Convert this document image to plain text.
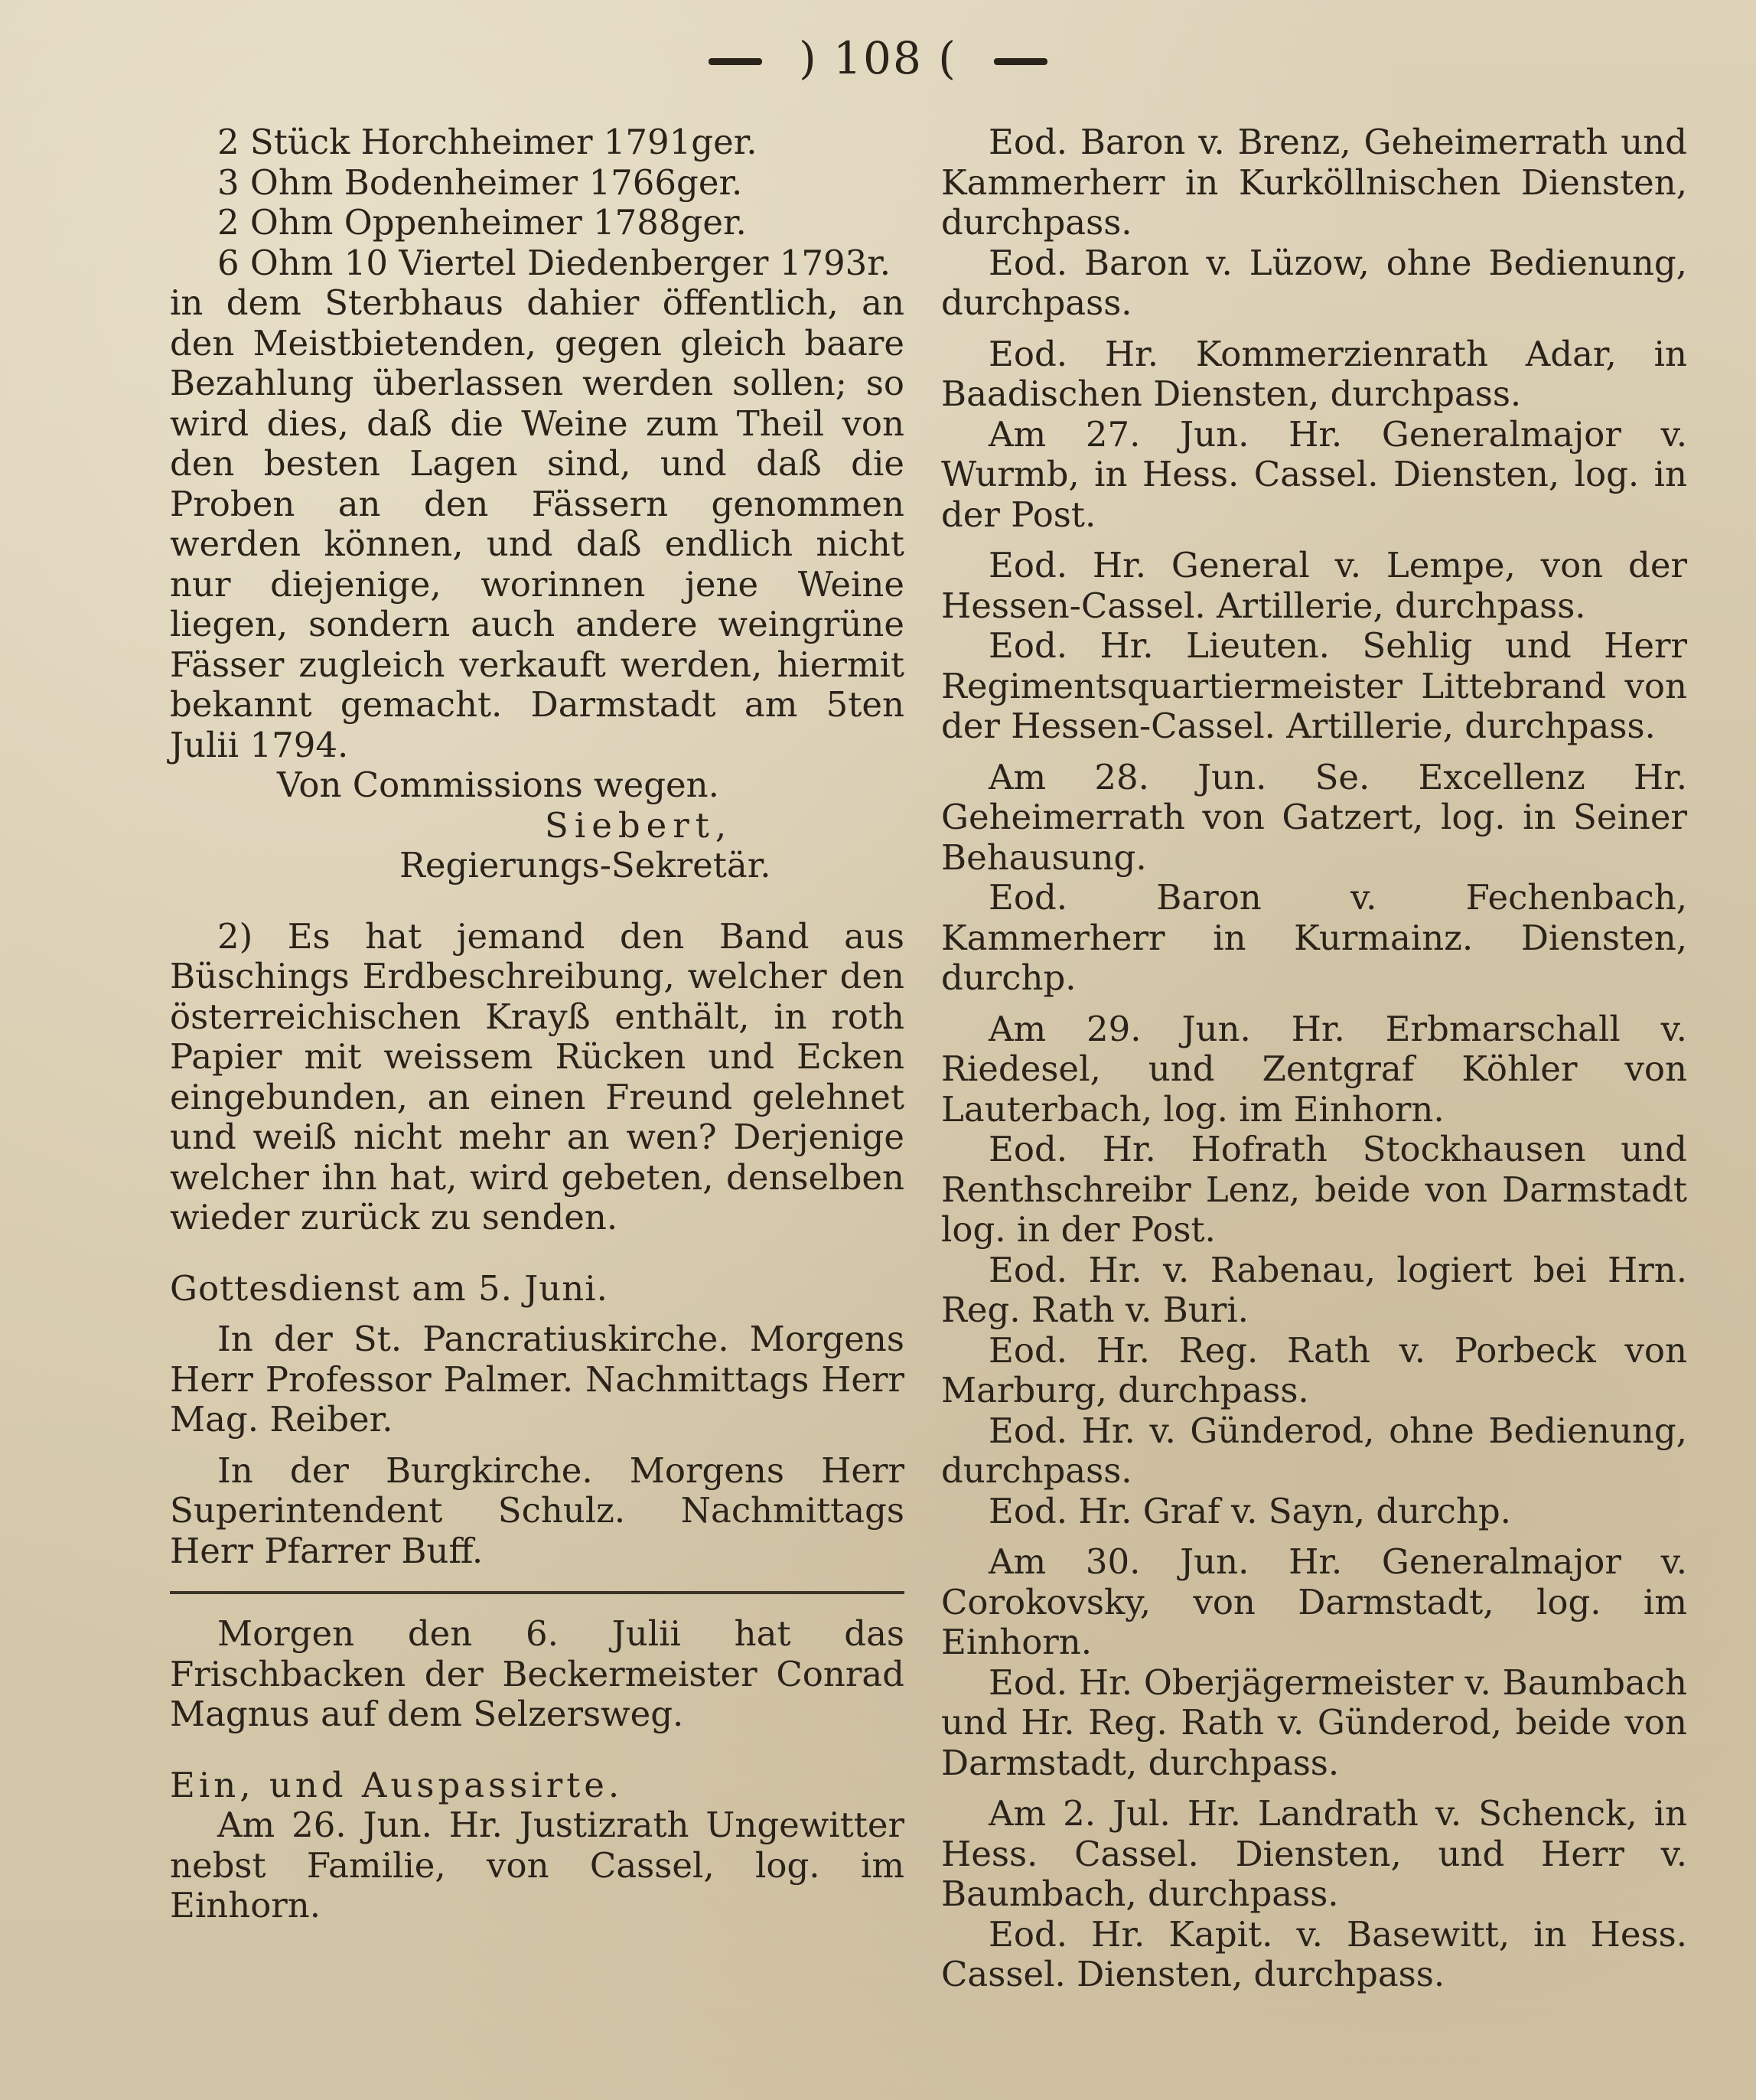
) 108 (
2 Stück Horchheimer 1791ger.
3 Ohm Bodenheimer 1766ger.
2 Ohm Oppenheimer 1788ger.
6 Ohm 10 Viertel Diedenberger 1793r.

in dem Sterbhaus dahier öffentlich, an den Meistbietenden, gegen gleich baare Bezahlung überlassen werden sollen; so wird dies, daß die Weine zum Theil von den besten Lagen sind, und daß die Proben an den Fässern genommen werden können, und daß endlich nicht nur diejenige, worinnen jene Weine liegen, sondern auch andere weingrüne Fässer zugleich verkauft werden, hiermit bekannt gemacht. Darmstadt am 5ten Julii 1794.

Von Commissions wegen.
Siebert,
Regierungs-Sekretär.

2) Es hat jemand den Band aus Büschings Erdbeschreibung, welcher den österreichischen Krayß enthält, in roth Papier mit weissem Rücken und Ecken eingebunden, an einen Freund gelehnet und weiß nicht mehr an wen? Derjenige welcher ihn hat, wird gebeten, denselben wieder zurück zu senden.

Gottesdienst am 5. Juni.

In der St. Pancratiuskirche. Morgens Herr Professor Palmer. Nachmittags Herr Mag. Reiber.

In der Burgkirche. Morgens Herr Superintendent Schulz. Nachmittags Herr Pfarrer Buff.

Morgen den 6. Julii hat das Frischbacken der Beckermeister Conrad Magnus auf dem Selzersweg.

Ein, und Auspassirte.

Am 26. Jun. Hr. Justizrath Ungewitter nebst Familie, von Cassel, log. im Einhorn.

Eod. Baron v. Brenz, Geheimerrath und Kammerherr in Kurköllnischen Diensten, durchpass.

Eod. Baron v. Lüzow, ohne Bedienung, durchpass.

Eod. Hr. Kommerzienrath Adar, in Baadischen Diensten, durchpass.

Am 27. Jun. Hr. Generalmajor v. Wurmb, in Hess. Cassel. Diensten, log. in der Post.

Eod. Hr. General v. Lempe, von der Hessen-Cassel. Artillerie, durchpass.

Eod. Hr. Lieuten. Sehlig und Herr Regimentsquartiermeister Littebrand von der Hessen-Cassel. Artillerie, durchpass.

Am 28. Jun. Se. Excellenz Hr. Geheimerrath von Gatzert, log. in Seiner Behausung.

Eod. Baron v. Fechenbach, Kammerherr in Kurmainz. Diensten, durchp.

Am 29. Jun. Hr. Erbmarschall v. Riedesel, und Zentgraf Köhler von Lauterbach, log. im Einhorn.

Eod. Hr. Hofrath Stockhausen und Renthschreibr Lenz, beide von Darmstadt log. in der Post.

Eod. Hr. v. Rabenau, logiert bei Hrn. Reg. Rath v. Buri.

Eod. Hr. Reg. Rath v. Porbeck von Marburg, durchpass.

Eod. Hr. v. Günderod, ohne Bedienung, durchpass.

Eod. Hr. Graf v. Sayn, durchp.

Am 30. Jun. Hr. Generalmajor v. Corokovsky, von Darmstadt, log. im Einhorn.

Eod. Hr. Oberjägermeister v. Baumbach und Hr. Reg. Rath v. Günderod, beide von Darmstadt, durchpass.

Am 2. Jul. Hr. Landrath v. Schenck, in Hess. Cassel. Diensten, und Herr v. Baumbach, durchpass.

Eod. Hr. Kapit. v. Basewitt, in Hess. Cassel. Diensten, durchpass.
